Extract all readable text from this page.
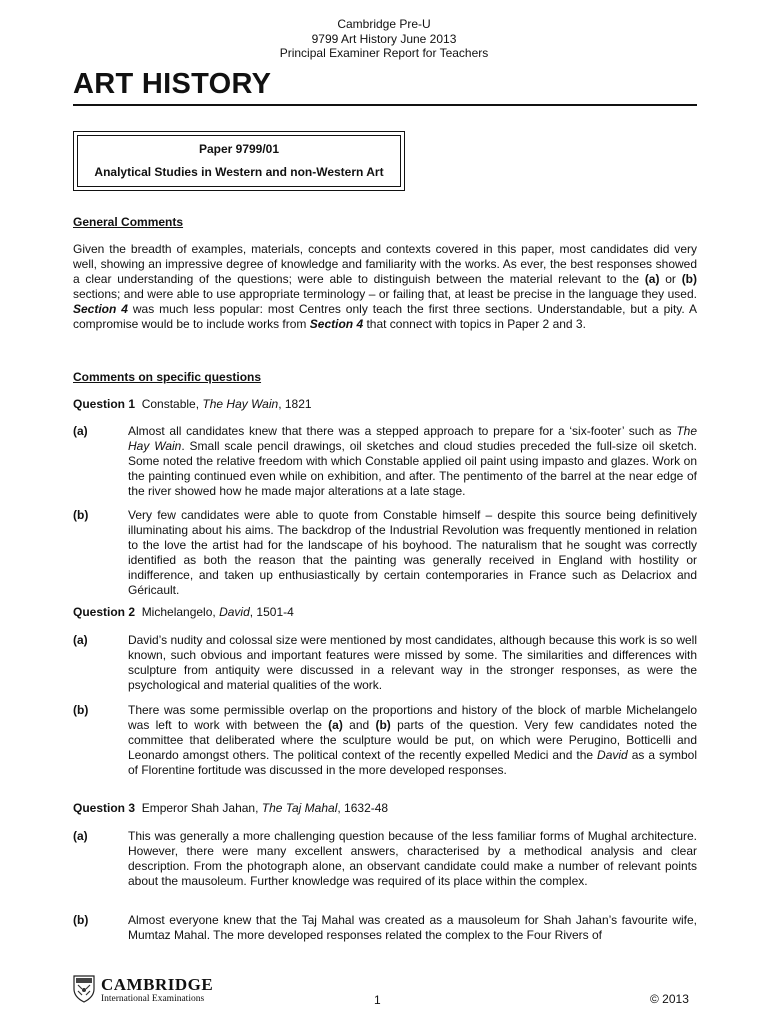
Cambridge Pre-U
9799 Art History June 2013
Principal Examiner Report for Teachers
ART HISTORY
Paper 9799/01
Analytical Studies in Western and non-Western Art
General Comments
Given the breadth of examples, materials, concepts and contexts covered in this paper, most candidates did very well, showing an impressive degree of knowledge and familiarity with the works. As ever, the best responses showed a clear understanding of the questions; were able to distinguish between the material relevant to the (a) or (b) sections; and were able to use appropriate terminology – or failing that, at least be precise in the language they used. Section 4 was much less popular: most Centres only teach the first three sections. Understandable, but a pity. A compromise would be to include works from Section 4 that connect with topics in Paper 2 and 3.
Comments on specific questions
Question 1 Constable, The Hay Wain, 1821
(a)	Almost all candidates knew that there was a stepped approach to prepare for a ‘six-footer’ such as The Hay Wain. Small scale pencil drawings, oil sketches and cloud studies preceded the full-size oil sketch. Some noted the relative freedom with which Constable applied oil paint using impasto and glazes. Work on the painting continued even while on exhibition, and after. The pentimento of the barrel at the near edge of the river showed how he made major alterations at a late stage.
(b)	Very few candidates were able to quote from Constable himself – despite this source being definitively illuminating about his aims. The backdrop of the Industrial Revolution was frequently mentioned in relation to the love the artist had for the landscape of his boyhood. The naturalism that he sought was correctly identified as both the reason that the painting was generally received in England with hostility or indifference, and taken up enthusiastically by certain contemporaries in France such as Delacriox and Géricault.
Question 2 Michelangelo, David, 1501-4
(a)	David’s nudity and colossal size were mentioned by most candidates, although because this work is so well known, such obvious and important features were missed by some. The similarities and differences with sculpture from antiquity were discussed in a relevant way in the stronger responses, as were the psychological and material qualities of the work.
(b)	There was some permissible overlap on the proportions and history of the block of marble Michelangelo was left to work with between the (a) and (b) parts of the question. Very few candidates noted the committee that deliberated where the sculpture would be put, on which were Perugino, Botticelli and Leonardo amongst others. The political context of the recently expelled Medici and the David as a symbol of Florentine fortitude was discussed in the more developed responses.
Question 3 Emperor Shah Jahan, The Taj Mahal, 1632-48
(a)	This was generally a more challenging question because of the less familiar forms of Mughal architecture. However, there were many excellent answers, characterised by a methodical analysis and clear description. From the photograph alone, an observant candidate could make a number of relevant points about the mausoleum. Further knowledge was required of its place within the complex.
(b)	Almost everyone knew that the Taj Mahal was created as a mausoleum for Shah Jahan’s favourite wife, Mumtaz Mahal. The more developed responses related the complex to the Four Rivers of
CAMBRIDGE
International Examinations	1	© 2013
